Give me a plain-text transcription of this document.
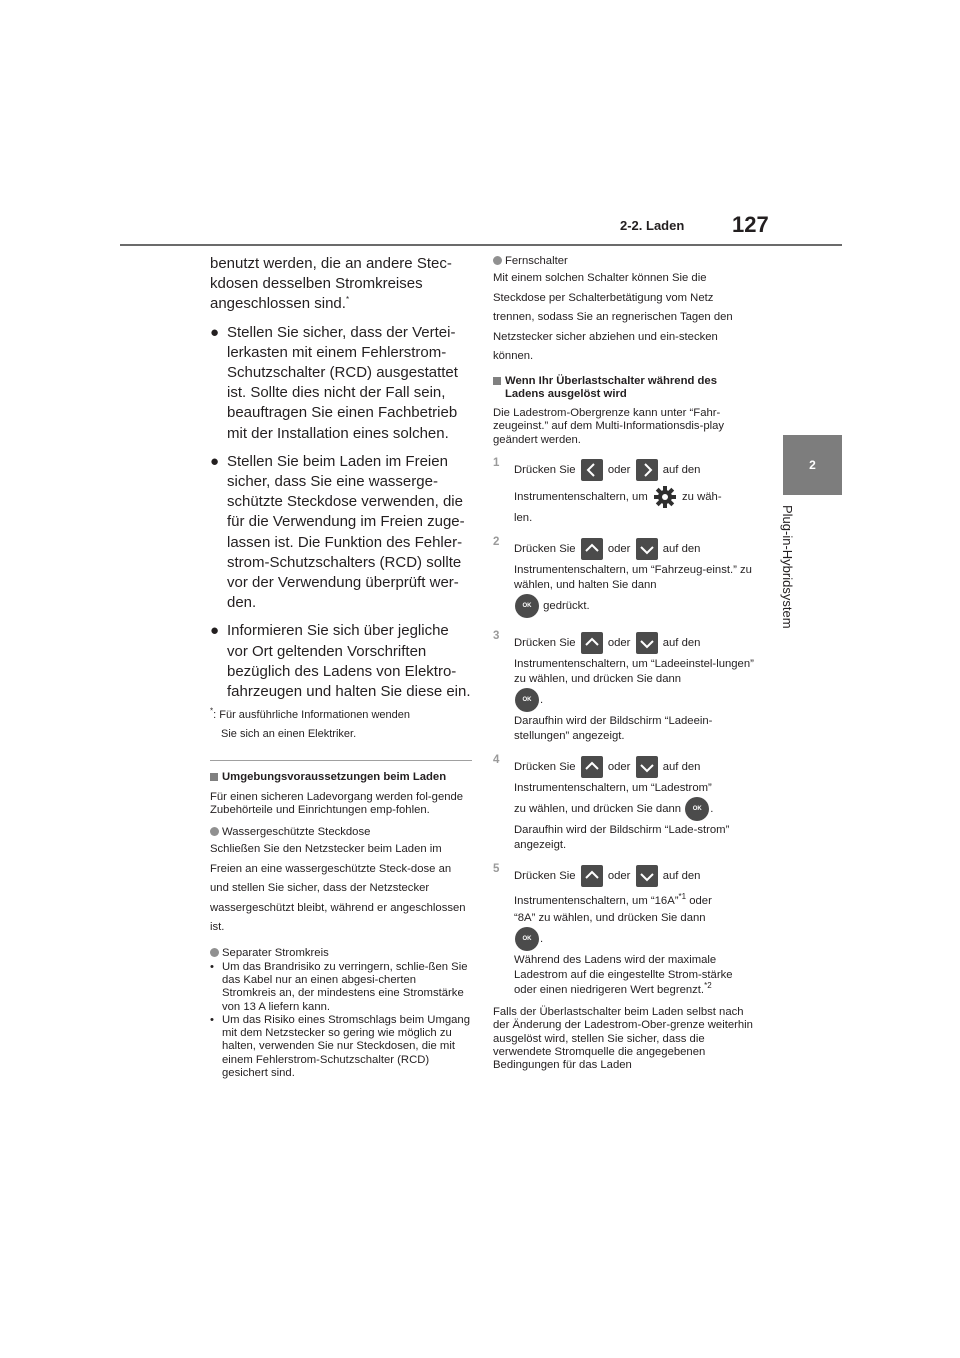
2-2. Laden 127
2
Plug-in-Hybridsystem

benutzt werden, die an andere Stec-kdosen desselben Stromkreises angeschlossen sind.*

● Stellen Sie sicher, dass der Vertei-lerkasten mit einem Fehlerstrom-Schutzschalter (RCD) ausgestattet ist. Sollte dies nicht der Fall sein, beauftragen Sie einen Fachbetrieb mit der Installation eines solchen.
● Stellen Sie beim Laden im Freien sicher, dass Sie eine wasserge-schützte Steckdose verwenden, die für die Verwendung im Freien zuge-lassen ist. Die Funktion des Fehler-strom-Schutzschalters (RCD) sollte vor der Verwendung überprüft wer-den.
● Informieren Sie sich über jegliche vor Ort geltenden Vorschriften bezüglich des Ladens von Elektro-fahrzeugen und halten Sie diese ein.
*: Für ausführliche Informationen wenden
Sie sich an einen Elektriker.
Umgebungsvoraussetzungen beim Laden
Für einen sicheren Ladevorgang werden fol-gende Zubehörteile und Einrichtungen emp-fohlen.
Wassergeschützte Steckdose
Schließen Sie den Netzstecker beim Laden im Freien an eine wassergeschützte Steck-dose an und stellen Sie sicher, dass der Netzstecker wassergeschützt bleibt, während er angeschlossen ist.
Separater Stromkreis
• Um das Brandrisiko zu verringern, schlie-ßen Sie das Kabel nur an einen abgesi-cherten Stromkreis an, der mindestens eine Stromstärke von 13 A liefern kann.
• Um das Risiko eines Stromschlags beim Umgang mit dem Netzstecker so gering wie möglich zu halten, verwenden Sie nur Steckdosen, die mit einem Fehlerstrom-Schutzschalter (RCD) gesichert sind.
Fernschalter
Mit einem solchen Schalter können Sie die Steckdose per Schalterbetätigung vom Netz trennen, sodass Sie an regnerischen Tagen den Netzstecker sicher abziehen und ein-stecken können.
Wenn Ihr Überlastschalter während des Ladens ausgelöst wird
Die Ladestrom-Obergrenze kann unter “Fahr-zeugeinst.” auf dem Multi-Informationsdis-play geändert werden.
1
Drücken Sie	oder	auf den
Instrumentenschaltern, um	zu wäh-
len.
2
Drücken Sie	oder	auf den
Instrumentenschaltern, um “Fahrzeug-einst.” zu wählen, und halten Sie dann
OK gedrückt.
3
Drücken Sie	oder	auf den
Instrumentenschaltern, um “Ladeeinstel-lungen” zu wählen, und drücken Sie dann
OK .
Daraufhin wird der Bildschirm “Ladeein-stellungen” angezeigt.
4
Drücken Sie	oder	auf den
Instrumentenschaltern, um “Ladestrom”
zu wählen, und drücken Sie dann OK .
Daraufhin wird der Bildschirm “Lade-strom” angezeigt.
5
Drücken Sie	oder	auf den
Instrumentenschaltern, um “16A”$^{*1}$ oder
“8A” zu wählen, und drücken Sie dann
OK .
Während des Ladens wird der maximale Ladestrom auf die eingestellte Strom-stärke oder einen niedrigeren Wert begrenzt.$^{*2}$
Falls der Überlastschalter beim Laden selbst nach der Änderung der Ladestrom-Ober-grenze weiterhin ausgelöst wird, stellen Sie sicher, dass die verwendete Stromquelle die angegebenen Bedingungen für das Laden
